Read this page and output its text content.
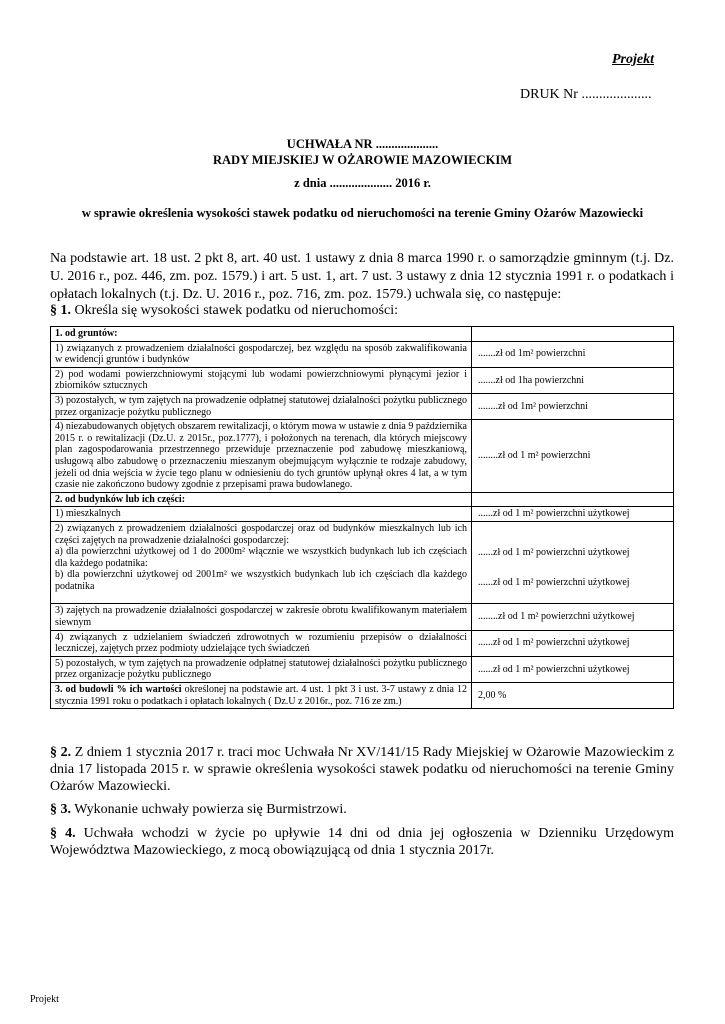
Projekt
DRUK Nr ....................
UCHWAŁA NR ....................
RADY MIEJSKIEJ W OŻAROWIE MAZOWIECKIM
z dnia .................... 2016 r.
w sprawie określenia wysokości stawek podatku od nieruchomości na terenie Gminy Ożarów Mazowiecki
Na podstawie art. 18 ust. 2 pkt 8, art. 40 ust. 1 ustawy z dnia 8 marca 1990 r. o samorządzie gminnym (t.j. Dz. U. 2016 r., poz. 446, zm. poz. 1579.) i art. 5 ust. 1, art. 7 ust. 3 ustawy z dnia 12 stycznia 1991 r. o podatkach i opłatach lokalnych (t.j. Dz. U. 2016 r., poz. 716, zm. poz. 1579.) uchwala się, co następuje:
§ 1. Określa się wysokości stawek podatku od nieruchomości:
1. od gruntów:	
1) związanych z prowadzeniem działalności gospodarczej, bez względu na sposób zakwalifikowania w ewidencji gruntów i budynków	.......zł od 1m² powierzchni
2) pod wodami powierzchniowymi stojącymi lub wodami powierzchniowymi płynącymi jezior i zbiorników sztucznych	.......zł od 1ha powierzchni
3) pozostałych, w tym zajętych na prowadzenie odpłatnej statutowej działalności pożytku publicznego przez organizacje pożytku publicznego	........zł od 1m² powierzchni
4) niezabudowanych objętych obszarem rewitalizacji, o którym mowa w ustawie z dnia 9 października 2015 r. o rewitalizacji (Dz.U. z 2015r., poz.1777), i położonych na terenach, dla których miejscowy plan zagospodarowania przestrzennego przewiduje przeznaczenie pod zabudowę mieszkaniową, usługową albo zabudowę o przeznaczeniu mieszanym obejmującym wyłącznie te rodzaje zabudowy, jeżeli od dnia wejścia w życie tego planu w odniesieniu do tych gruntów upłynął okres 4 lat, a w tym czasie nie zakończono budowy zgodnie z przepisami prawa budowlanego.	........zł od 1 m² powierzchni
2. od budynków lub ich części:	
1) mieszkalnych	......zł od 1 m² powierzchni użytkowej

2) związanych z prowadzeniem działalności gospodarczej oraz od budynków mieszkalnych lub ich części zajętych na prowadzenie działalności gospodarczej:
a) dla powierzchni użytkowej od 1 do 2000m² włącznie we wszystkich budynkach lub ich częściach dla każdego podatnika:
b) dla powierzchni użytkowej od 2001m² we wszystkich budynkach lub ich częściach dla każdego podatnika	......zł od 1 m² powierzchni użytkowej
......zł od 1 m² powierzchni użytkowej

3) zajętych na prowadzenie działalności gospodarczej w zakresie obrotu kwalifikowanym materiałem siewnym	........zł od 1 m² powierzchni użytkowej
4) związanych z udzielaniem świadczeń zdrowotnych w rozumieniu przepisów o działalności leczniczej, zajętych przez podmioty udzielające tych świadczeń	......zł od 1 m² powierzchni użytkowej
5) pozostałych, w tym zajętych na prowadzenie odpłatnej statutowej działalności pożytku publicznego przez organizacje pożytku publicznego	......zł od 1 m² powierzchni użytkowej
3. od budowli % ich wartości określonej na podstawie art. 4 ust. 1 pkt 3 i ust. 3-7 ustawy z dnia 12 stycznia 1991 roku o podatkach i opłatach lokalnych ( Dz.U z 2016r., poz. 716 ze zm.)	2,00 %
§ 2. Z dniem 1 stycznia 2017 r. traci moc Uchwała Nr XV/141/15 Rady Miejskiej w Ożarowie Mazowieckim z dnia 17 listopada 2015 r. w sprawie określenia wysokości stawek podatku od nieruchomości na terenie Gminy Ożarów Mazowiecki.
§ 3. Wykonanie uchwały powierza się Burmistrzowi.
§ 4. Uchwała wchodzi w życie po upływie 14 dni od dnia jej ogłoszenia w Dzienniku Urzędowym Województwa Mazowieckiego, z mocą obowiązującą od dnia 1 stycznia 2017r.
Projekt
